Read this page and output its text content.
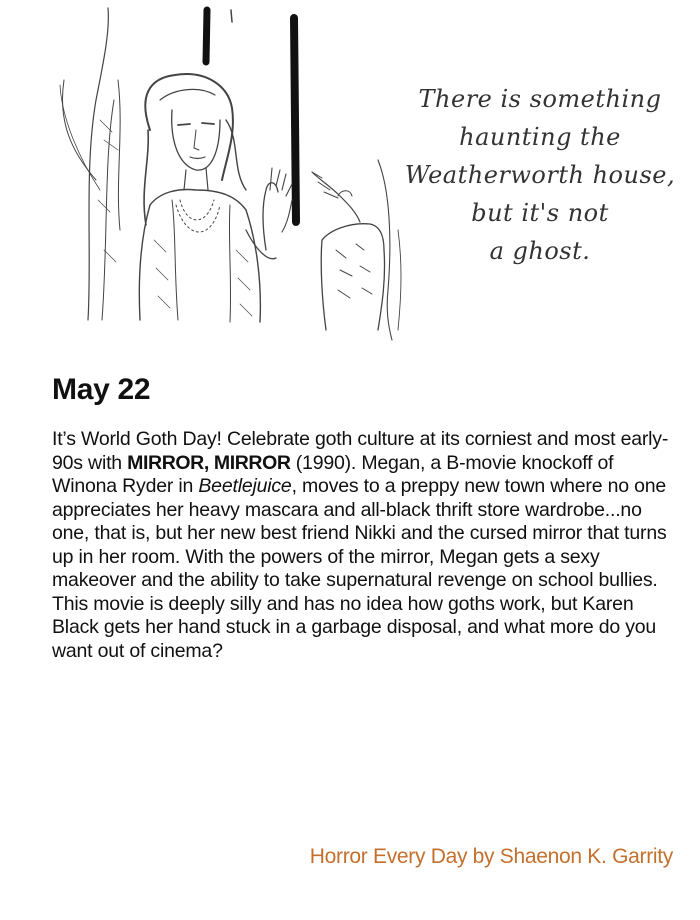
There is something
haunting the
Weatherworth house,
but it's not
a ghost.
May 22

It’s World Goth Day! Celebrate goth culture at its corniest and most early-90s with MIRROR, MIRROR (1990). Megan, a B-movie knockoff of Winona Ryder in Beetlejuice, moves to a preppy new town where no one appreciates her heavy mascara and all-black thrift store wardrobe...no one, that is, but her new best friend Nikki and the cursed mirror that turns up in her room. With the powers of the mirror, Megan gets a sexy makeover and the ability to take supernatural revenge on school bullies. This movie is deeply silly and has no idea how goths work, but Karen Black gets her hand stuck in a garbage disposal, and what more do you want out of cinema?

Horror Every Day by Shaenon K. Garrity
